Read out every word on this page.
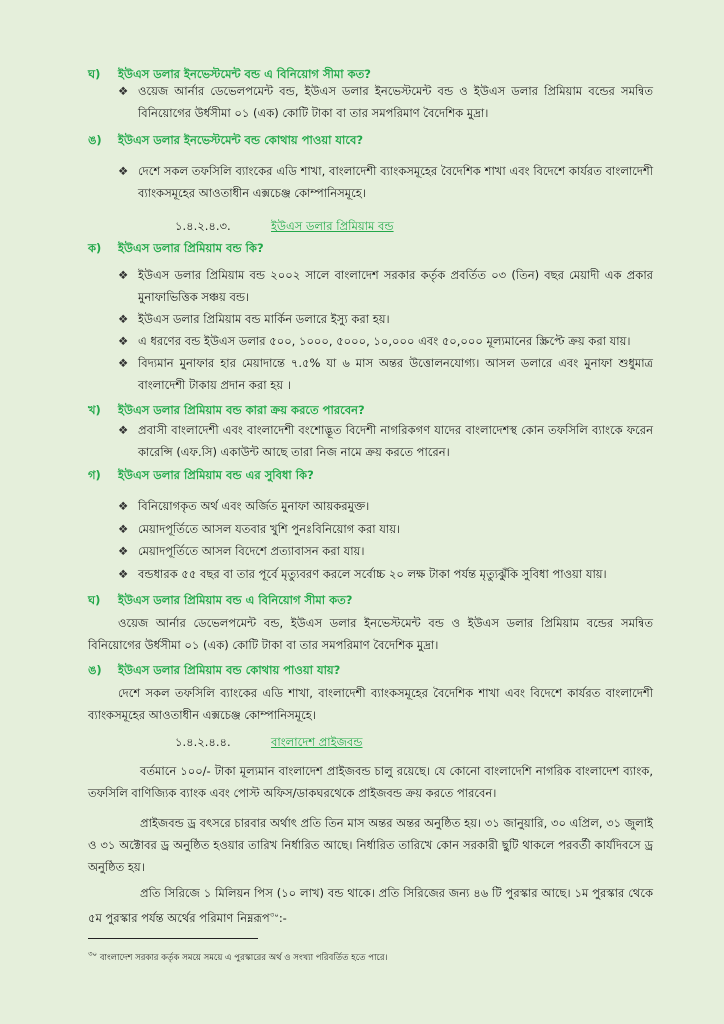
ঘ) ইউএস ডলার ইনভেস্টমেন্ট বন্ড এ বিনিয়োগ সীমা কত?
❖ ওয়েজ আর্নার ডেভেলপমেন্ট বন্ড, ইউএস ডলার ইনভেস্টমেন্ট বন্ড ও ইউএস ডলার প্রিমিয়াম বন্ডের সমন্বিত বিনিয়োগের উর্ধসীমা ০১ (এক) কোটি টাকা বা তার সমপরিমাণ বৈদেশিক মুদ্রা।
ঙ) ইউএস ডলার ইনভেস্টমেন্ট বন্ড কোথায় পাওয়া যাবে?
❖ দেশে সকল তফসিলি ব্যাংকের এডি শাখা, বাংলাদেশী ব্যাংকসমূহের বৈদেশিক শাখা এবং বিদেশে কার্যরত বাংলাদেশী ব্যাংকসমূহের আওতাধীন এক্সচেঞ্জ কোম্পানিসমূহে।
১.৪.২.৪.৩.	ইউএস ডলার প্রিমিয়াম বন্ড
ক) ইউএস ডলার প্রিমিয়াম বন্ড কি?
❖ ইউএস ডলার প্রিমিয়াম বন্ড ২০০২ সালে বাংলাদেশ সরকার কর্তৃক প্রবর্তিত ০৩ (তিন) বছর মেয়াদী এক প্রকার মুনাফাভিত্তিক সঞ্চয় বন্ড।
❖ ইউএস ডলার প্রিমিয়াম বন্ড মার্কিন ডলারে ইস্যু করা হয়।
❖ এ ধরণের বন্ড ইউএস ডলার ৫০০, ১০০০, ৫০০০, ১০,০০০ এবং ৫০,০০০ মূল্যমানের স্ক্রিপ্টে ক্রয় করা যায়।
❖ বিদ্যমান মুনাফার হার মেয়াদান্তে ৭.৫% যা ৬ মাস অন্তর উত্তোলনযোগ্য। আসল ডলারে এবং মুনাফা শুধুমাত্র বাংলাদেশী টাকায় প্রদান করা হয় ।
খ) ইউএস ডলার প্রিমিয়াম বন্ড কারা ক্রয় করতে পারবেন?
❖ প্রবাসী বাংলাদেশী এবং বাংলাদেশী বংশোদ্ভূত বিদেশী নাগরিকগণ যাদের বাংলাদেশস্থ কোন তফসিলি ব্যাংকে ফরেন কারেন্সি (এফ.সি) একাউন্ট আছে তারা নিজ নামে ক্রয় করতে পারেন।
গ) ইউএস ডলার প্রিমিয়াম বন্ড এর সুবিধা কি?
❖ বিনিয়োগকৃত অর্থ এবং অর্জিত মুনাফা আয়করমুক্ত।
❖ মেয়াদপূর্তিতে আসল যতবার খুশি পুনঃবিনিয়োগ করা যায়।
❖ মেয়াদপূর্তিতে আসল বিদেশে প্রত্যাবাসন করা যায়।
❖ বন্ডধারক ৫৫ বছর বা তার পূর্বে মৃত্যুবরণ করলে সর্বোচ্চ ২০ লক্ষ টাকা পর্যন্ত মৃত্যুঝুঁকি সুবিধা পাওয়া যায়।
ঘ) ইউএস ডলার প্রিমিয়াম বন্ড এ বিনিয়োগ সীমা কত?
ওয়েজ আর্নার ডেভেলপমেন্ট বন্ড, ইউএস ডলার ইনভেস্টমেন্ট বন্ড ও ইউএস ডলার প্রিমিয়াম বন্ডের সমন্বিত বিনিয়োগের উর্ধসীমা ০১ (এক) কোটি টাকা বা তার সমপরিমাণ বৈদেশিক মুদ্রা।
ঙ) ইউএস ডলার প্রিমিয়াম বন্ড কোথায় পাওয়া যায়?
দেশে সকল তফসিলি ব্যাংকের এডি শাখা, বাংলাদেশী ব্যাংকসমূহের বৈদেশিক শাখা এবং বিদেশে কার্যরত বাংলাদেশী ব্যাংকসমূহের আওতাধীন এক্সচেঞ্জ কোম্পানিসমূহে।
১.৪.২.৪.৪.	বাংলাদেশ প্রাইজবন্ড
বর্তমানে ১০০/- টাকা মূল্যমান বাংলাদেশ প্রাইজবন্ড চালু রয়েছে। যে কোনো বাংলাদেশি নাগরিক বাংলাদেশ ব্যাংক, তফসিলি বাণিজ্যিক ব্যাংক এবং পোস্ট অফিস/ডাকঘরথেকে প্রাইজবন্ড ক্রয় করতে পারবেন।
প্রাইজবন্ড ড্র বৎসরে চারবার অর্থাৎ প্রতি তিন মাস অন্তর অন্তর অনুষ্ঠিত হয়। ৩১ জানুয়ারি, ৩০ এপ্রিল, ৩১ জুলাই ও ৩১ অক্টোবর ড্র অনুষ্ঠিত হওয়ার তারিখ নির্ধারিত আছে। নির্ধারিত তারিখে কোন সরকারী ছুটি থাকলে পরবর্তী কার্যদিবসে ড্র অনুষ্ঠিত হয়।
প্রতি সিরিজে ১ মিলিয়ন পিস (১০ লাখ) বন্ড থাকে। প্রতি সিরিজের জন্য ৪৬ টি পুরস্কার আছে। ১ম পুরস্কার থেকে ৫ম পুরস্কার পর্যন্ত অর্থের পরিমাণ নিম্নরূপ$^{৩০}$:-
$^{৩০}$ বাংলাদেশ সরকার কর্তৃক সময়ে সময়ে এ পুরস্কারের অর্থ ও সংখ্যা পরিবর্তিত হতে পারে।
